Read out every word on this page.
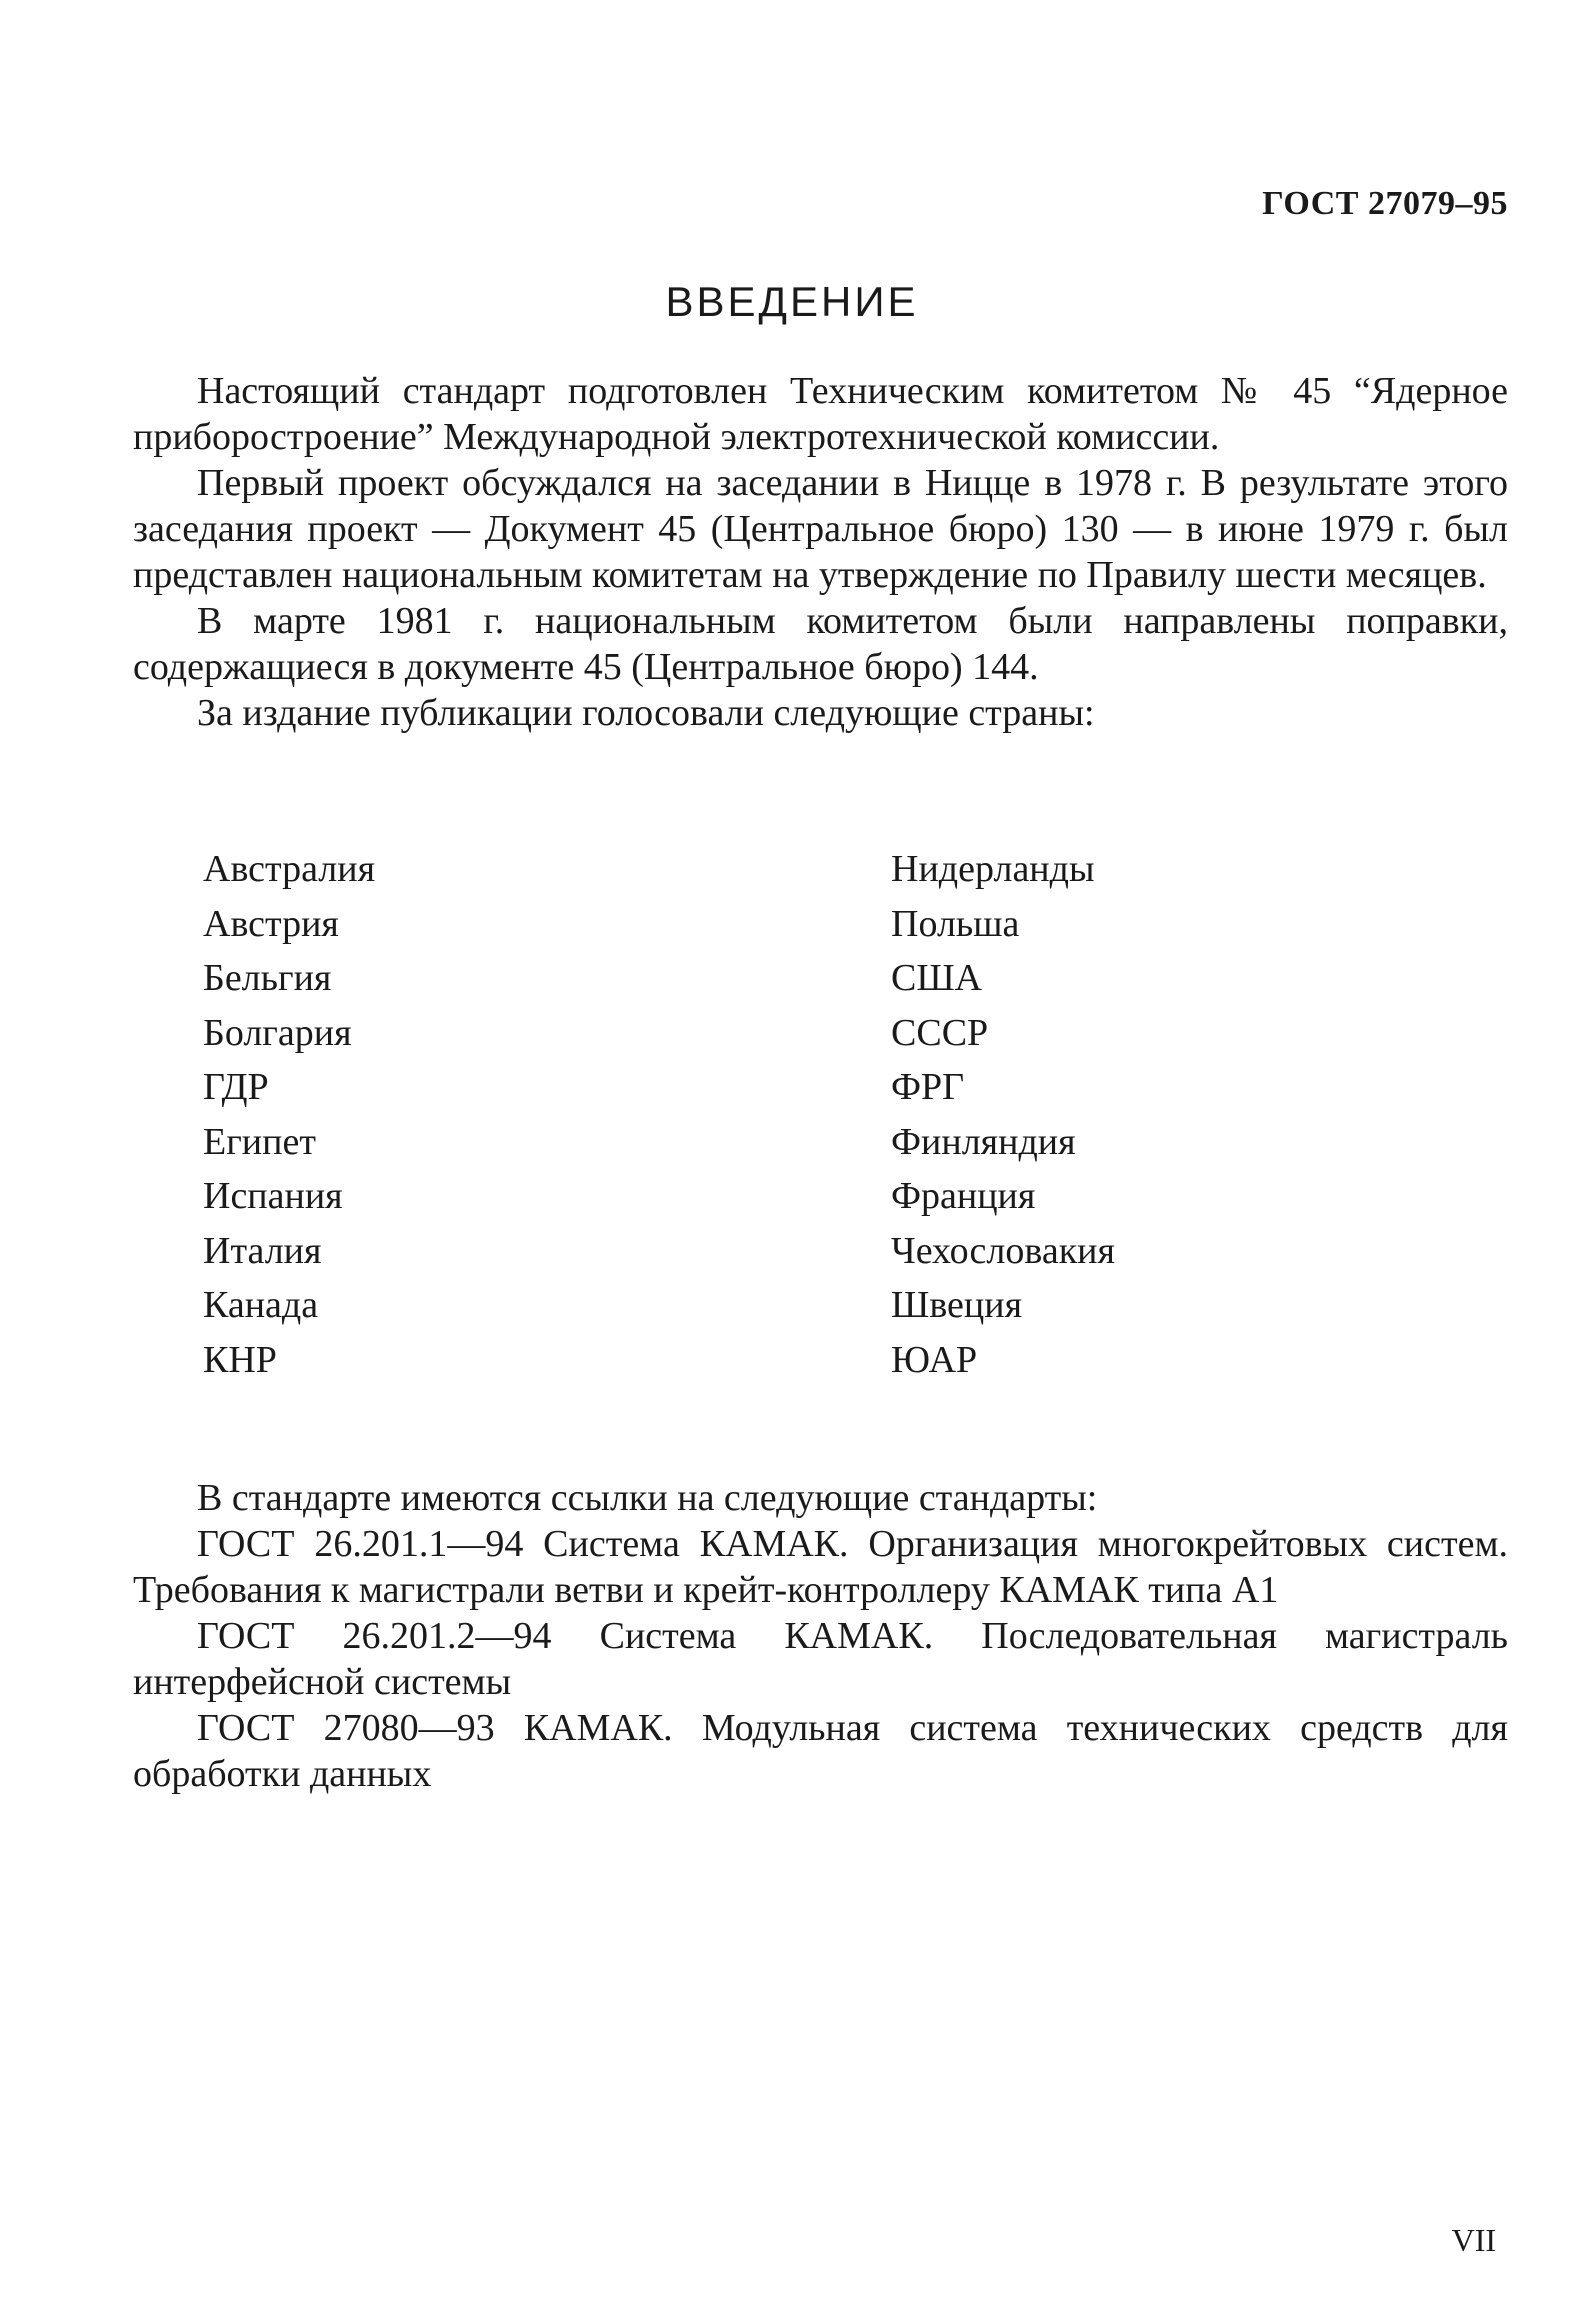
ГОСТ 27079–95
ВВЕДЕНИЕ

Настоящий стандарт подготовлен Техническим комитетом № 45 “Ядерное приборостроение” Международной электротехнической комиссии.

Первый проект обсуждался на заседании в Ницце в 1978 г. В результате этого заседания проект — Документ 45 (Центральное бюро) 130 — в июне 1979 г. был представлен национальным комитетам на утверждение по Правилу шести месяцев.

В марте 1981 г. национальным комитетом были направлены поправки, содержащиеся в документе 45 (Центральное бюро) 144.

За издание публикации голосовали следующие страны:

Австралия
Австрия
Бельгия
Болгария
ГДР
Египет
Испания
Италия
Канада
КНР
Нидерланды
Польша
США
СССР
ФРГ
Финляндия
Франция
Чехословакия
Швеция
ЮАР

В стандарте имеются ссылки на следующие стандарты:

ГОСТ 26.201.1—94 Система КАМАК. Организация многокрейтовых систем. Требования к магистрали ветви и крейт-контроллеру КАМАК типа А1

ГОСТ 26.201.2—94 Система КАМАК. Последовательная магистраль интерфейсной системы

ГОСТ 27080—93 КАМАК. Модульная система технических средств для обработки данных

VII
